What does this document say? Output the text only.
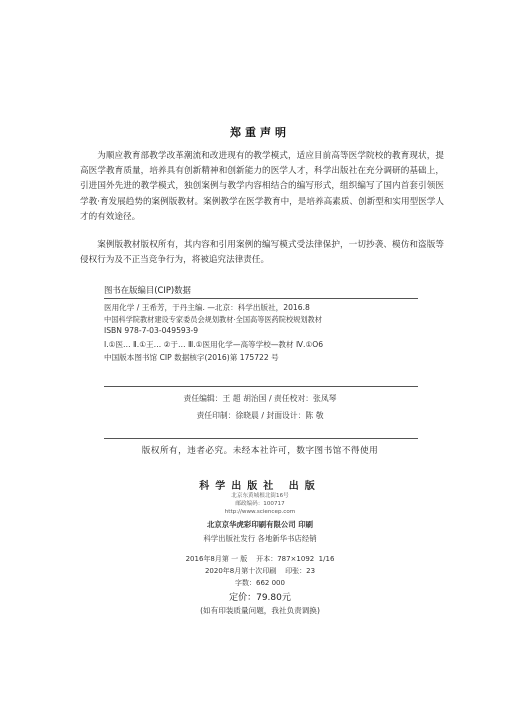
郑重声明
为顺应教育部教学改革潮流和改进现有的教学模式，适应目前高等医学院校的教育现状，提高医学教育质量，培养具有创新精神和创新能力的医学人才，科学出版社在充分调研的基础上，引进国外先进的教学模式，独创案例与教学内容相结合的编写形式，组织编写了国内首套引领医学教·育发展趋势的案例版教材。案例教学在医学教育中，是培养高素质、创新型和实用型医学人才的有效途径。
案例版教材版权所有，其内容和引用案例的编写模式受法律保护，一切抄袭、模仿和盗版等侵权行为及不正当竞争行为，将被追究法律责任。
图书在版编目(CIP)数据
医用化学 / 王希芳，于丹主编. —北京：科学出版社，2016.8
中国科学院教材建设专家委员会规划教材·全国高等医药院校规划教材
ISBN 978-7-03-049593-9
Ⅰ.①医… Ⅱ.①王… ②于… Ⅲ.①医用化学—高等学校—教材 Ⅳ.①O6
中国版本图书馆 CIP 数据核字(2016)第 175722 号
责任编辑：王 超 胡治国 / 责任校对：张凤琴
责任印制：徐晓晨 / 封面设计：陈 敬
版权所有，违者必究。未经本社许可，数字图书馆不得使用
科学出版社 出版
北京东黄城根北街16号
邮政编码：100717
http://www.sciencep.com
北京京华虎彩印刷有限公司 印刷
科学出版社发行 各地新华书店经销
2016年8月第 一 版    开本：787×1092  1/16
2020年8月第十次印刷    印张：23
字数：662 000
定价：79.80元
(如有印装质量问题，我社负责调换)
